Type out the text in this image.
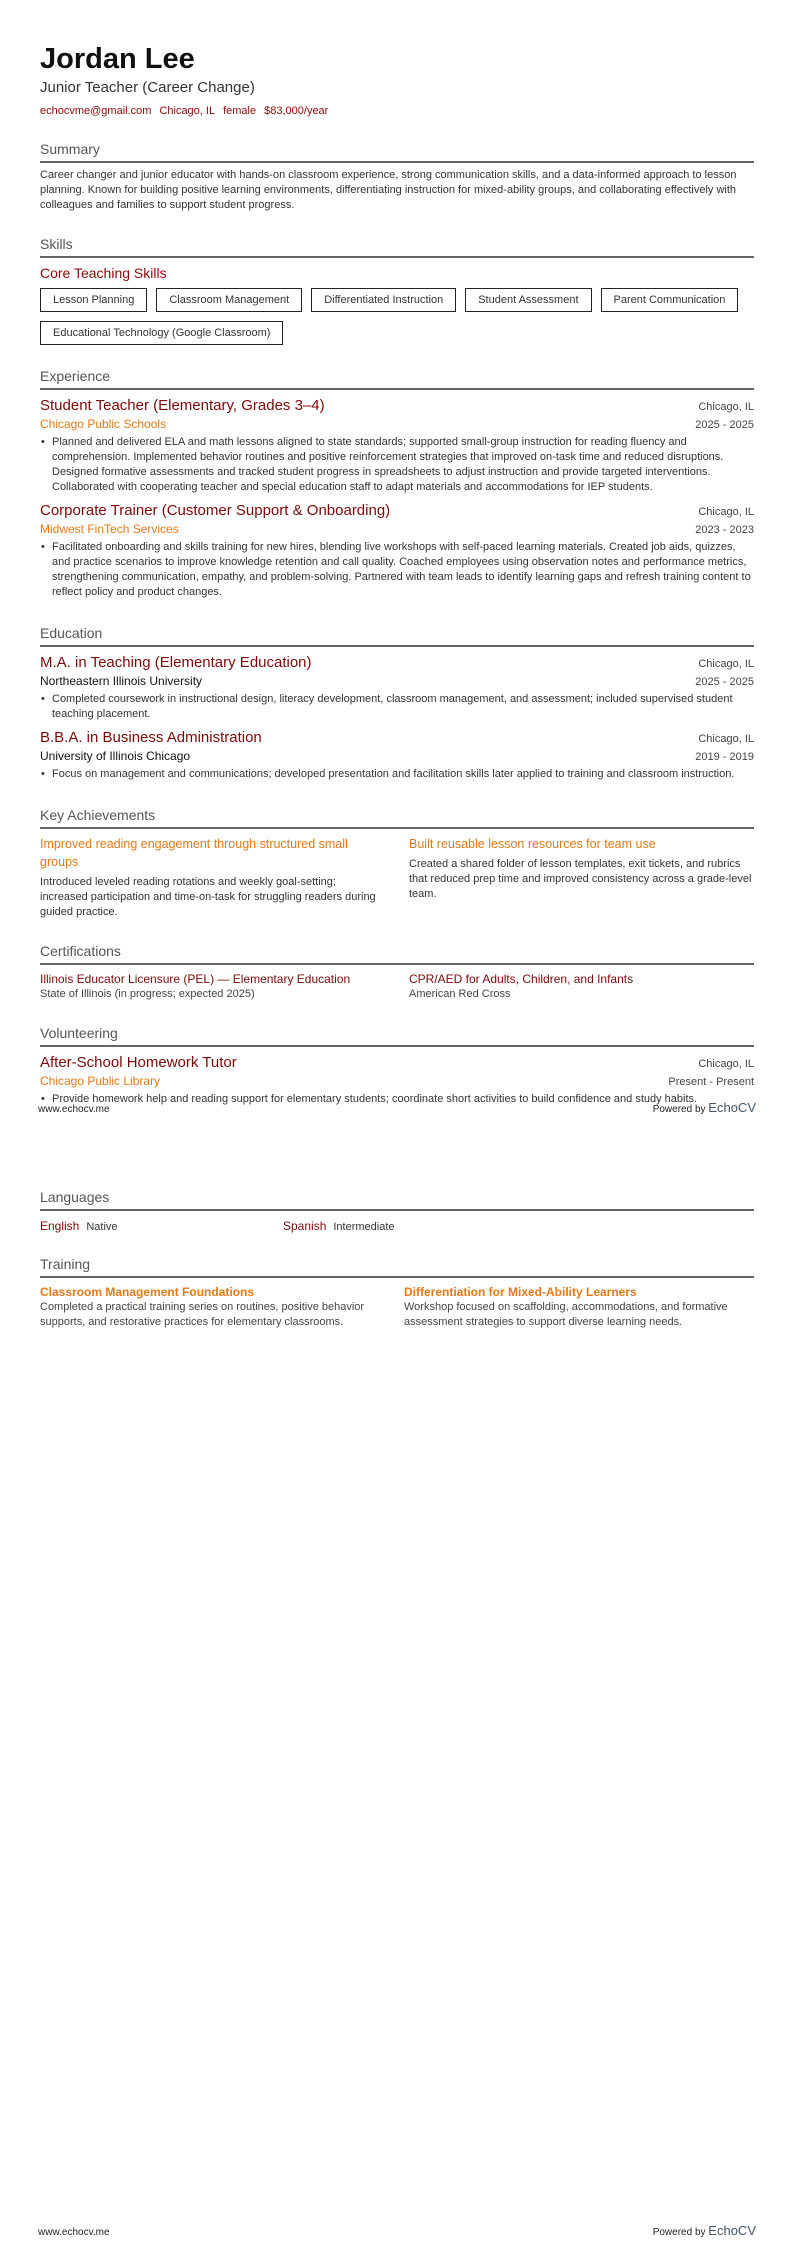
Jordan Lee
Junior Teacher (Career Change)
echocvme@gmail.com Chicago, IL female $83,000/year
Summary

Career changer and junior educator with hands-on classroom experience, strong communication skills, and a data-informed approach to lesson planning. Known for building positive learning environments, differentiating instruction for mixed-ability groups, and collaborating effectively with colleagues and families to support student progress.

Skills
Core Teaching Skills
Lesson Planning	Classroom Management	Differentiated Instruction	Student Assessment	Parent Communication
Educational Technology (Google Classroom)
Experience
Student Teacher (Elementary, Grades 3–4)	Chicago, IL
Chicago Public Schools	2025 - 2025
• Planned and delivered ELA and math lessons aligned to state standards; supported small-group instruction for reading fluency and comprehension. Implemented behavior routines and positive reinforcement strategies that improved on-task time and reduced disruptions. Designed formative assessments and tracked student progress in spreadsheets to adjust instruction and provide targeted interventions. Collaborated with cooperating teacher and special education staff to adapt materials and accommodations for IEP students.
Corporate Trainer (Customer Support & Onboarding)	Chicago, IL
Midwest FinTech Services	2023 - 2023
• Facilitated onboarding and skills training for new hires, blending live workshops with self-paced learning materials. Created job aids, quizzes, and practice scenarios to improve knowledge retention and call quality. Coached employees using observation notes and performance metrics, strengthening communication, empathy, and problem-solving. Partnered with team leads to identify learning gaps and refresh training content to reflect policy and product changes.
Education
M.A. in Teaching (Elementary Education)	Chicago, IL
Northeastern Illinois University	2025 - 2025
• Completed coursework in instructional design, literacy development, classroom management, and assessment; included supervised student teaching placement.
B.B.A. in Business Administration	Chicago, IL
University of Illinois Chicago	2019 - 2019
• Focus on management and communications; developed presentation and facilitation skills later applied to training and classroom instruction.
Key Achievements
Improved reading engagement through structured small groups
Introduced leveled reading rotations and weekly goal-setting; increased participation and time-on-task for struggling readers during guided practice.
Built reusable lesson resources for team use
Created a shared folder of lesson templates, exit tickets, and rubrics that reduced prep time and improved consistency across a grade-level team.
Certifications
Illinois Educator Licensure (PEL) — Elementary Education
State of Illinois (in progress; expected 2025)
CPR/AED for Adults, Children, and Infants
American Red Cross
Volunteering
After-School Homework Tutor	Chicago, IL
Chicago Public Library	Present - Present
• Provide homework help and reading support for elementary students; coordinate short activities to build confidence and study habits.
www.echocv.me	Powered by EchoCV
Languages
English Native	Spanish Intermediate
Training
Classroom Management Foundations
Completed a practical training series on routines, positive behavior supports, and restorative practices for elementary classrooms.
Differentiation for Mixed-Ability Learners
Workshop focused on scaffolding, accommodations, and formative assessment strategies to support diverse learning needs.
www.echocv.me	Powered by EchoCV
